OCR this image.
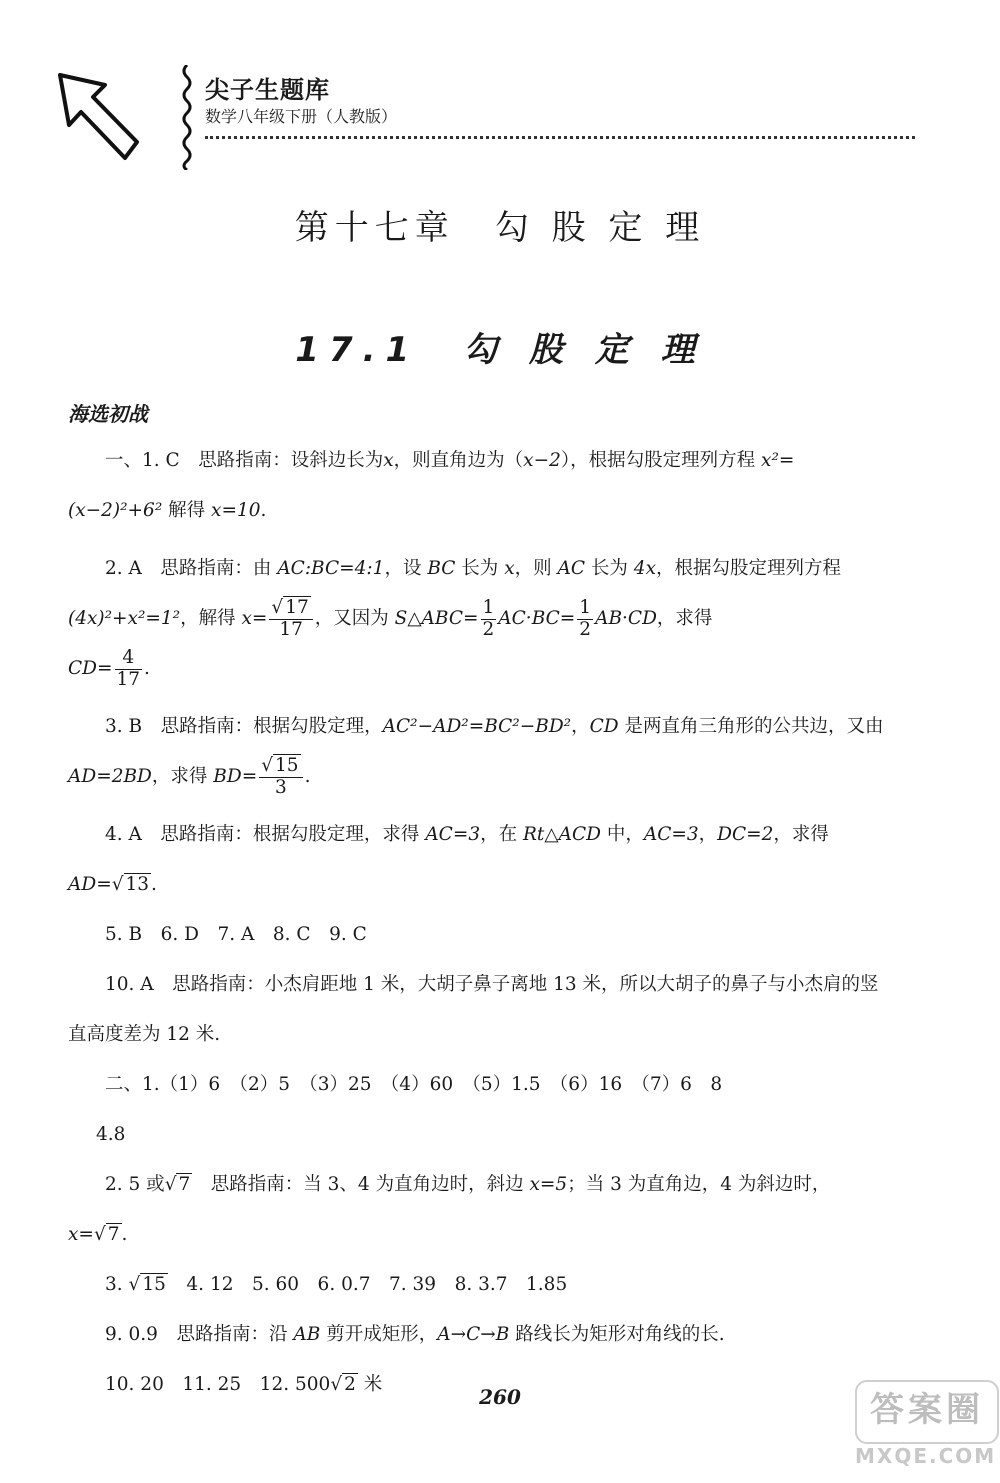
尖子生题库
数学八年级下册（人教版）
第十七章　勾 股 定 理
17.1　勾 股 定 理
海选初战

一、1. C　 思路指南：设斜边长为x，则直角边为（x−2），根据勾股定理列方程 x²=(x−2)²+6² 解得 x=10.

2. A　 思路指南：由 AC:BC=4:1，设 BC 长为 x，则 AC 长为 4x，根据勾股定理列方程 (4x)²+x²=1²，解得 $x= \frac{√ 17}{17}$ ，又因为 S△ABC= $\frac{1}{2} AC\cdot BC= \frac{1}{2} AB\cdot CD$，求得
$CD= \frac{4}{17}$ .

3. B　 思路指南：根据勾股定理，AC²−AD²=BC²−BD²，CD 是两直角三角形的公共边，又由 AD=2BD，求得 $BD= \frac{√ 15}{3}$ .

4. A　 思路指南：根据勾股定理，求得 AC=3，在 Rt△ACD 中，AC=3，DC=2，求得 AD=√ 13 .

5. B　6. D　7. A　8. C　9. C

10. A　 思路指南：小杰肩距地 1 米，大胡子鼻子离地 13 米，所以大胡子的鼻子与小杰肩的竖直高度差为 12 米.

二、1.（1）6　（2）5　（3）25　（4）60　（5）1.5　（6）16　（7）6　8

4.8

2. 5 或√ 7　 思路指南：当 3、4 为直角边时，斜边 x=5；当 3 为直角边，4 为斜边时，x=√ 7 .

3. √ 15　 4. 12　5. 60　6. 0.7　7. 39　8. 3.7　1.85

9. 0.9　 思路指南：沿 AB 剪开成矩形，A→C→B 路线长为矩形对角线的长.

10. 20　11. 25　12. 500√ 2 米

260	答案圈
MXQE.COM
